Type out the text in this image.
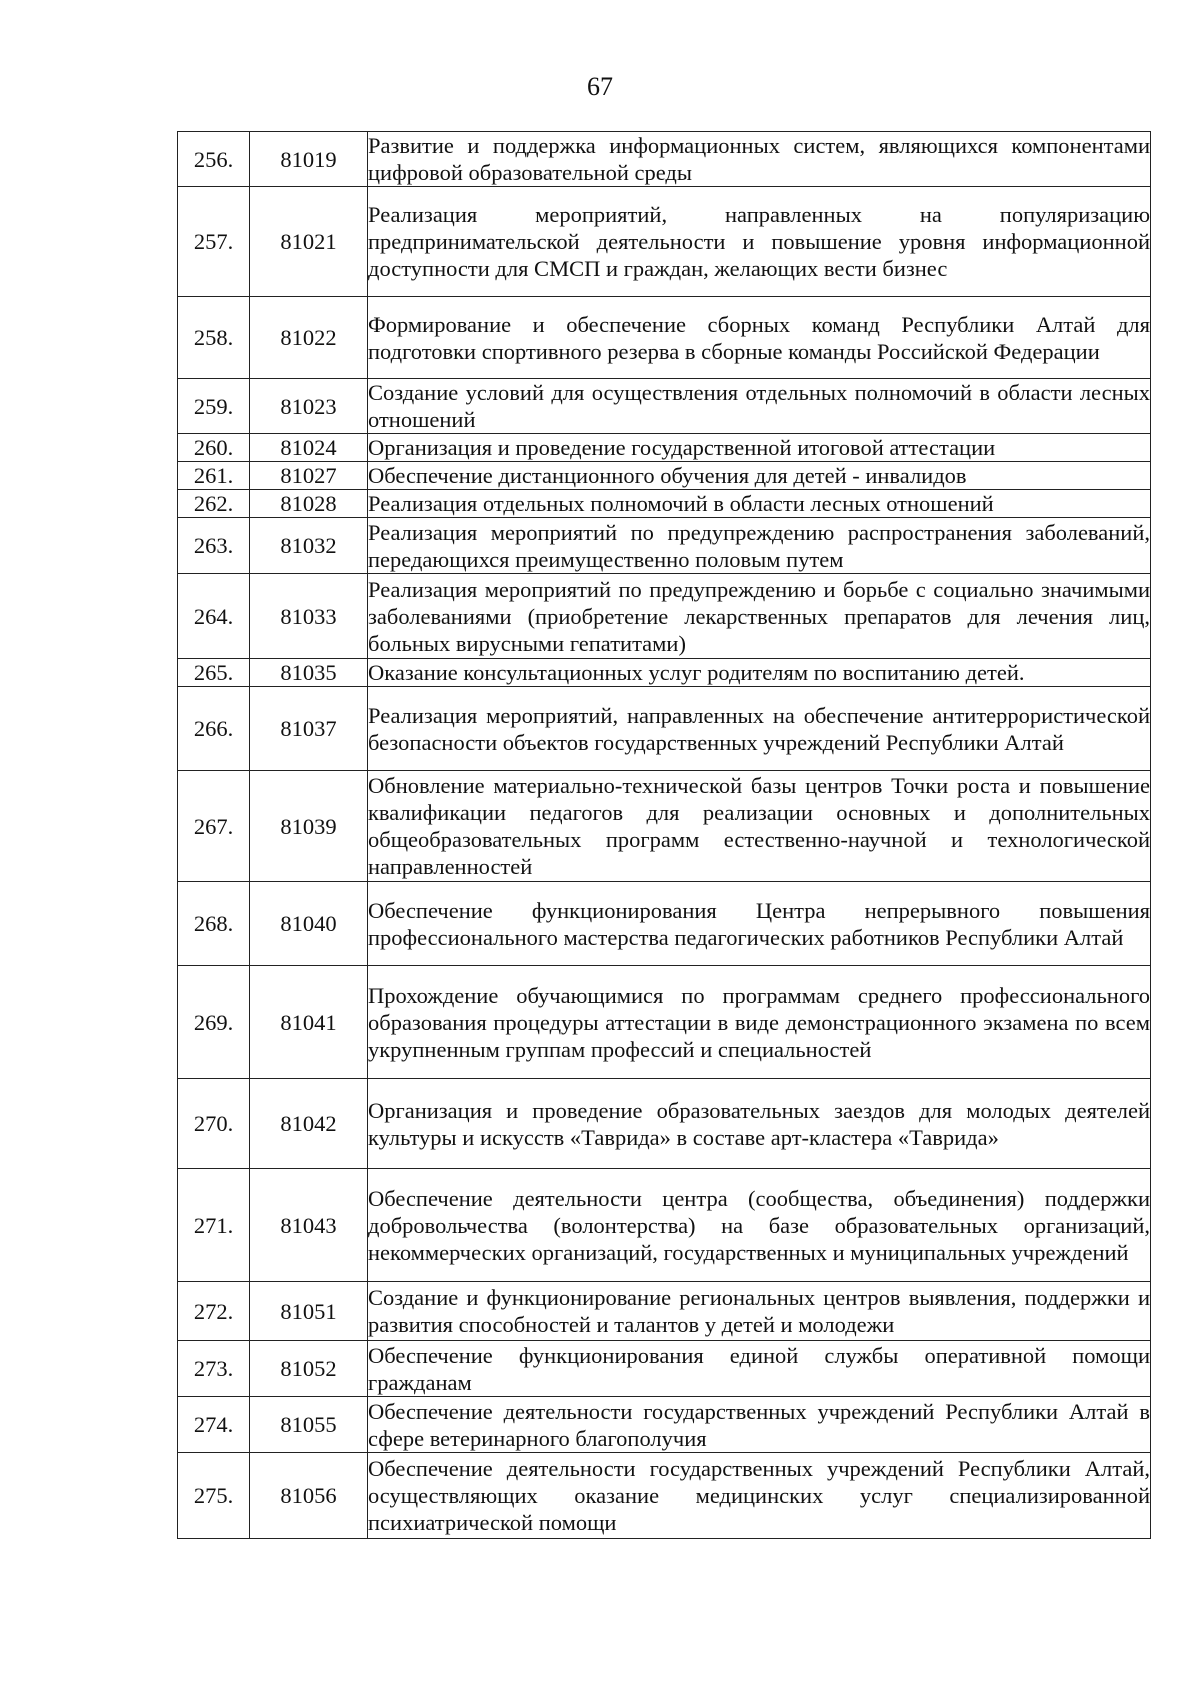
67
256.	81019	Развитие и поддержка информационных систем, являющихся компонентами цифровой образовательной среды
257.	81021	Реализация мероприятий, направленных на популяризацию предпринимательской деятельности и повышение уровня информационной доступности для СМСП и граждан, желающих вести бизнес
258.	81022	Формирование и обеспечение сборных команд Республики Алтай для подготовки спортивного резерва в сборные команды Российской Федерации
259.	81023	Создание условий для осуществления отдельных полномочий в области лесных отношений
260.	81024	Организация и проведение государственной итоговой аттестации
261.	81027	Обеспечение дистанционного обучения для детей - инвалидов
262.	81028	Реализация отдельных полномочий в области лесных отношений
263.	81032	Реализация мероприятий по предупреждению распространения заболеваний, передающихся преимущественно половым путем
264.	81033	Реализация мероприятий по предупреждению и борьбе с социально значимыми заболеваниями (приобретение лекарственных препаратов для лечения лиц, больных вирусными гепатитами)
265.	81035	Оказание консультационных услуг родителям по воспитанию детей.
266.	81037	Реализация мероприятий, направленных на обеспечение антитеррористической безопасности объектов государственных учреждений Республики Алтай
267.	81039	Обновление материально-технической базы центров Точки роста и повышение квалификации педагогов для реализации основных и дополнительных общеобразовательных программ естественно-научной и технологической направленностей
268.	81040	Обеспечение функционирования Центра непрерывного повышения профессионального мастерства педагогических работников Республики Алтай
269.	81041	Прохождение обучающимися по программам среднего профессионального образования процедуры аттестации в виде демонстрационного экзамена по всем укрупненным группам профессий и специальностей
270.	81042	Организация и проведение образовательных заездов для молодых деятелей культуры и искусств «Таврида» в составе арт-кластера «Таврида»
271.	81043	Обеспечение деятельности центра (сообщества, объединения) поддержки добровольчества (волонтерства) на базе образовательных организаций, некоммерческих организаций, государственных и муниципальных учреждений
272.	81051	Создание и функционирование региональных центров выявления, поддержки и развития способностей и талантов у детей и молодежи
273.	81052	Обеспечение функционирования единой службы оперативной помощи гражданам
274.	81055	Обеспечение деятельности государственных учреждений Республики Алтай в сфере ветеринарного благополучия
275.	81056	Обеспечение деятельности государственных учреждений Республики Алтай, осуществляющих оказание медицинских услуг специализированной психиатрической помощи
